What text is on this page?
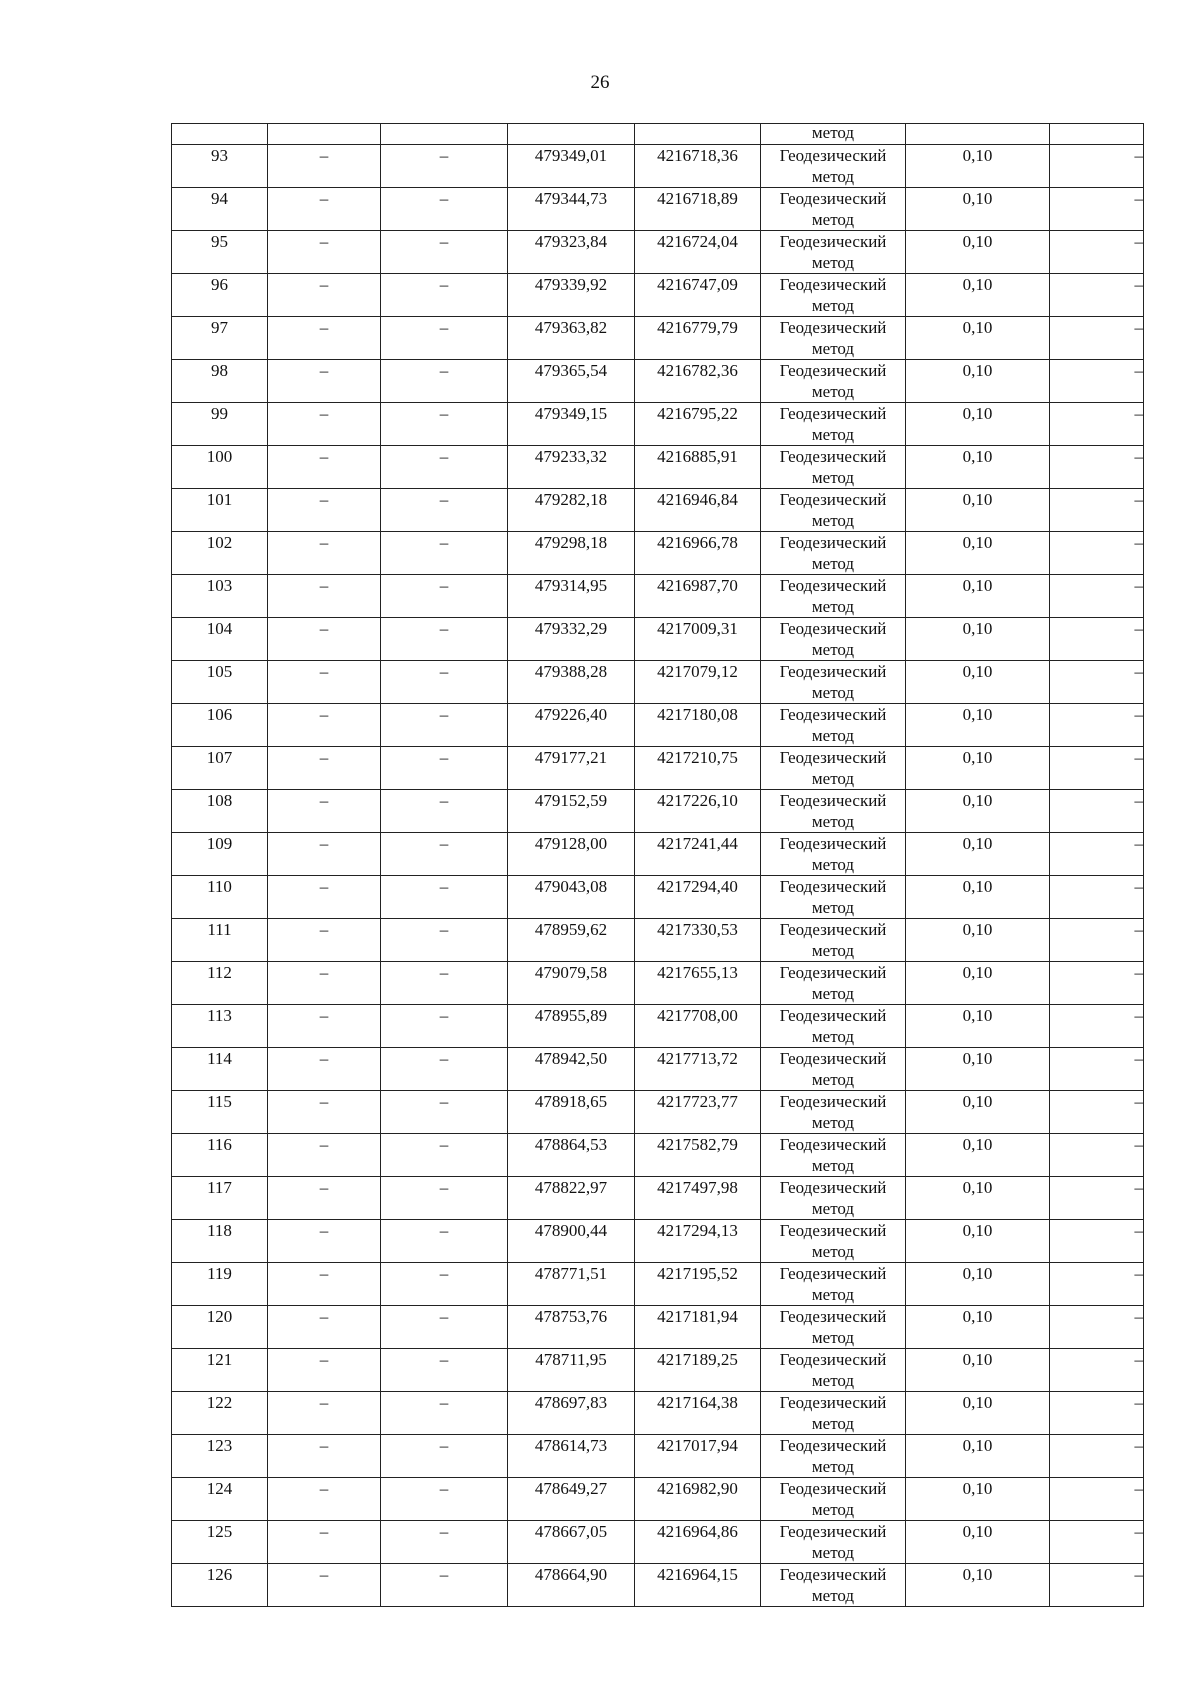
26
					метод		
93	–	–	479349,01	4216718,36	Геодезический
метод	0,10	–
94	–	–	479344,73	4216718,89	Геодезический
метод	0,10	–
95	–	–	479323,84	4216724,04	Геодезический
метод	0,10	–
96	–	–	479339,92	4216747,09	Геодезический
метод	0,10	–
97	–	–	479363,82	4216779,79	Геодезический
метод	0,10	–
98	–	–	479365,54	4216782,36	Геодезический
метод	0,10	–
99	–	–	479349,15	4216795,22	Геодезический
метод	0,10	–
100	–	–	479233,32	4216885,91	Геодезический
метод	0,10	–
101	–	–	479282,18	4216946,84	Геодезический
метод	0,10	–
102	–	–	479298,18	4216966,78	Геодезический
метод	0,10	–
103	–	–	479314,95	4216987,70	Геодезический
метод	0,10	–
104	–	–	479332,29	4217009,31	Геодезический
метод	0,10	–
105	–	–	479388,28	4217079,12	Геодезический
метод	0,10	–
106	–	–	479226,40	4217180,08	Геодезический
метод	0,10	–
107	–	–	479177,21	4217210,75	Геодезический
метод	0,10	–
108	–	–	479152,59	4217226,10	Геодезический
метод	0,10	–
109	–	–	479128,00	4217241,44	Геодезический
метод	0,10	–
110	–	–	479043,08	4217294,40	Геодезический
метод	0,10	–
111	–	–	478959,62	4217330,53	Геодезический
метод	0,10	–
112	–	–	479079,58	4217655,13	Геодезический
метод	0,10	–
113	–	–	478955,89	4217708,00	Геодезический
метод	0,10	–
114	–	–	478942,50	4217713,72	Геодезический
метод	0,10	–
115	–	–	478918,65	4217723,77	Геодезический
метод	0,10	–
116	–	–	478864,53	4217582,79	Геодезический
метод	0,10	–
117	–	–	478822,97	4217497,98	Геодезический
метод	0,10	–
118	–	–	478900,44	4217294,13	Геодезический
метод	0,10	–
119	–	–	478771,51	4217195,52	Геодезический
метод	0,10	–
120	–	–	478753,76	4217181,94	Геодезический
метод	0,10	–
121	–	–	478711,95	4217189,25	Геодезический
метод	0,10	–
122	–	–	478697,83	4217164,38	Геодезический
метод	0,10	–
123	–	–	478614,73	4217017,94	Геодезический
метод	0,10	–
124	–	–	478649,27	4216982,90	Геодезический
метод	0,10	–
125	–	–	478667,05	4216964,86	Геодезический
метод	0,10	–
126	–	–	478664,90	4216964,15	Геодезический
метод	0,10	–
